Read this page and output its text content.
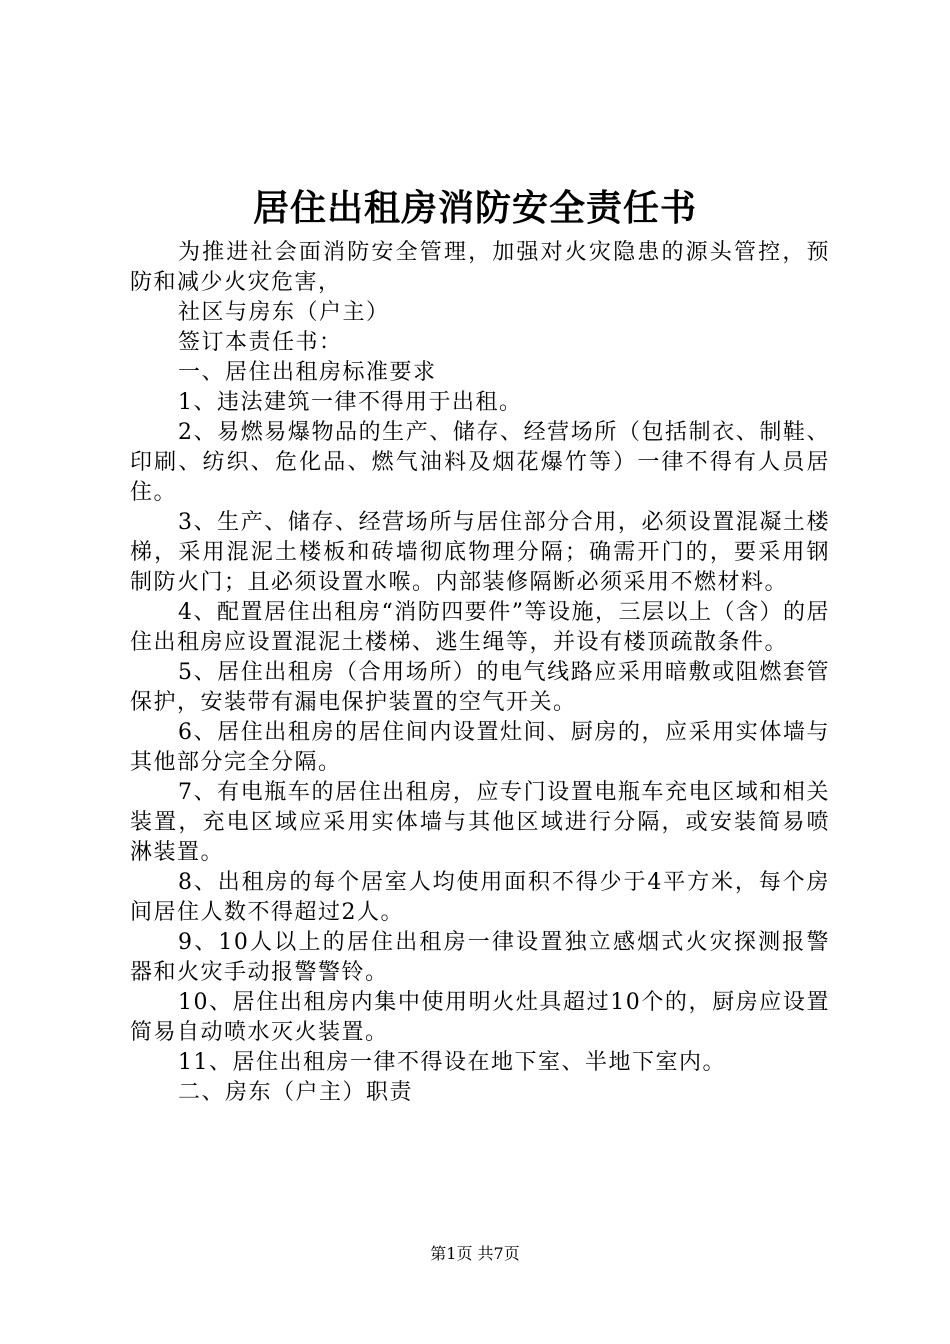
居住出租房消防安全责任书

为推进社会面消防安全管理，加强对火灾隐患的源头管控，预防和减少火灾危害，

社区与房东（户主）

签订本责任书：

一、居住出租房标准要求

1、违法建筑一律不得用于出租。

2、易燃易爆物品的生产、储存、经营场所（包括制衣、制鞋、印刷、纺织、危化品、燃气油料及烟花爆竹等）一律不得有人员居住。

3、生产、储存、经营场所与居住部分合用，必须设置混凝土楼梯，采用混泥土楼板和砖墙彻底物理分隔；确需开门的，要采用钢制防火门；且必须设置水喉。内部装修隔断必须采用不燃材料。

4、配置居住出租房“消防四要件”等设施，三层以上（含）的居住出租房应设置混泥土楼梯、逃生绳等，并设有楼顶疏散条件。

5、居住出租房（合用场所）的电气线路应采用暗敷或阻燃套管保护，安装带有漏电保护装置的空气开关。

6、居住出租房的居住间内设置灶间、厨房的，应采用实体墙与其他部分完全分隔。

7、有电瓶车的居住出租房，应专门设置电瓶车充电区域和相关装置，充电区域应采用实体墙与其他区域进行分隔，或安装简易喷淋装置。

8、出租房的每个居室人均使用面积不得少于4平方米，每个房间居住人数不得超过2人。

9、10人以上的居住出租房一律设置独立感烟式火灾探测报警器和火灾手动报警警铃。

10、居住出租房内集中使用明火灶具超过10个的，厨房应设置简易自动喷水灭火装置。

11、居住出租房一律不得设在地下室、半地下室内。

二、房东（户主）职责

第1页 共7页
